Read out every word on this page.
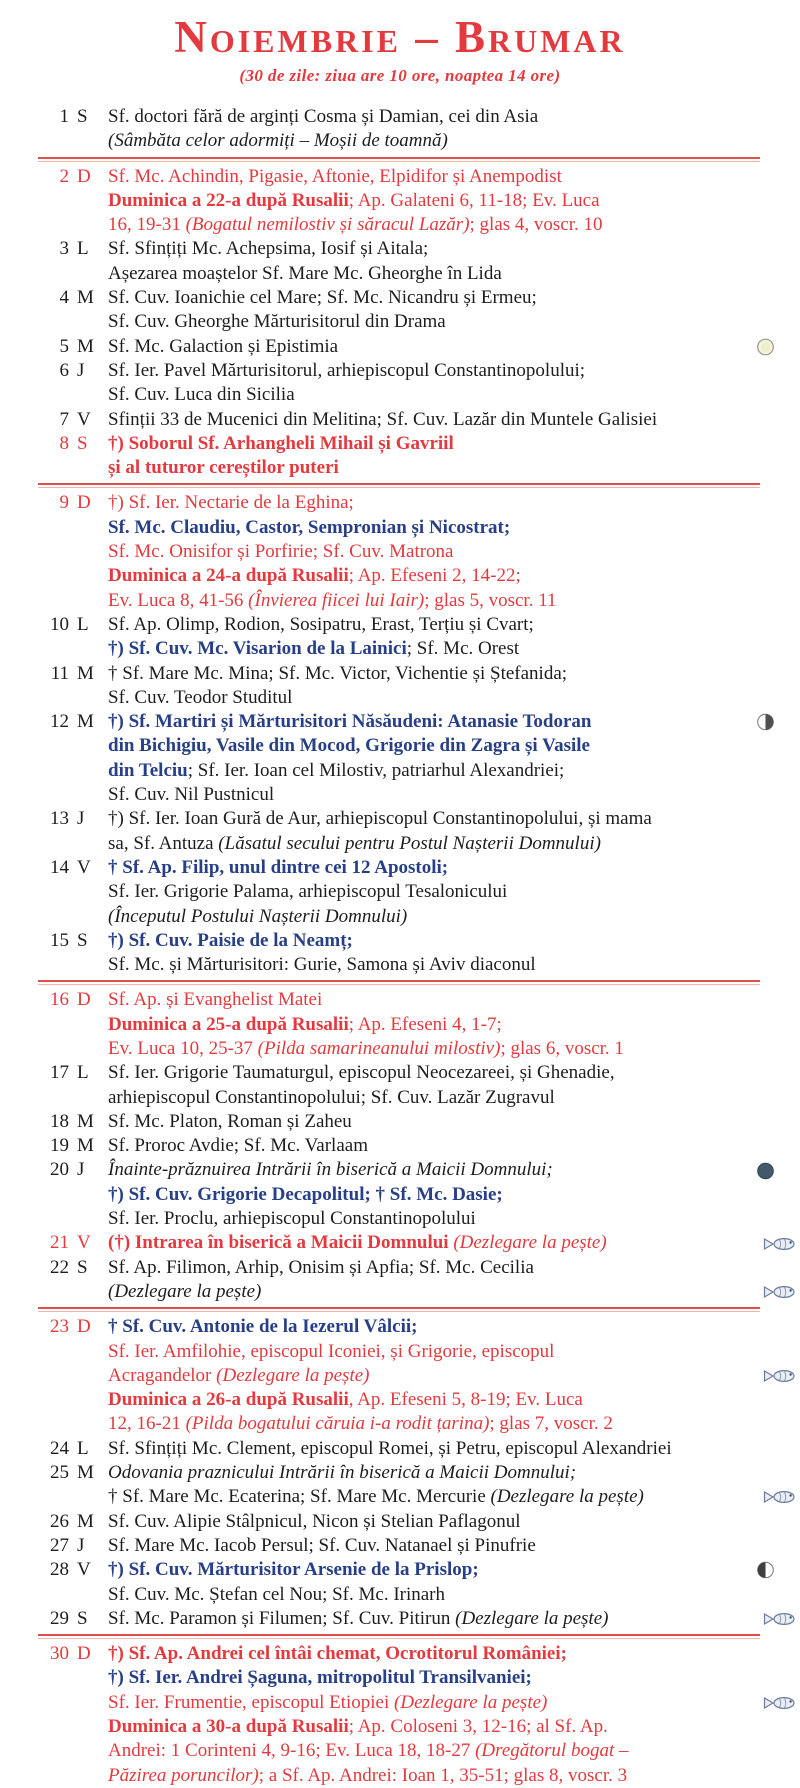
Noiembrie – Brumar
(30 de zile: ziua are 10 ore, noaptea 14 ore)
1 S	Sf. doctori fără de arginți Cosma și Damian, cei din Asia
(Sâmbăta celor adormiți – Moșii de toamnă)
2 D Sf. Mc. Achindin, Pigasie, Aftonie, Elpidifor și Anempodist
Duminica a 22-a după Rusalii; Ap. Galateni 6, 11-18; Ev. Luca
16, 19-31 (Bogatul nemilostiv și săracul Lazăr); glas 4, voscr. 10
3 L	Sf. Sfințiți Mc. Achepsima, Iosif și Aitala;
Așezarea moaștelor Sf. Mare Mc. Gheorghe în Lida
4 M Sf. Cuv. Ioanichie cel Mare; Sf. Mc. Nicandru și Ermeu;
Sf. Cuv. Gheorghe Mărturisitorul din Drama
5 M Sf. Mc. Galaction și Epistimia
6 J	Sf. Ier. Pavel Mărturisitorul, arhiepiscopul Constantinopolului;
Sf. Cuv. Luca din Sicilia
7 V Sfinții 33 de Mucenici din Melitina; Sf. Cuv. Lazăr din Muntele Galisiei
8 S	†) Soborul Sf. Arhangheli Mihail și Gavriil
și al tuturor cereștilor puteri
9 D †) Sf. Ier. Nectarie de la Eghina;
Sf. Mc. Claudiu, Castor, Sempronian și Nicostrat;
Sf. Mc. Onisifor și Porfirie; Sf. Cuv. Matrona
Duminica a 24-a după Rusalii; Ap. Efeseni 2, 14-22;
Ev. Luca 8, 41-56 (Învierea fiicei lui Iair); glas 5, voscr. 11
10 L	Sf. Ap. Olimp, Rodion, Sosipatru, Erast, Terțiu și Cvart;
†) Sf. Cuv. Mc. Visarion de la Lainici; Sf. Mc. Orest
11 M † Sf. Mare Mc. Mina; Sf. Mc. Victor, Vichentie și Ștefanida;
Sf. Cuv. Teodor Studitul
12 M †) Sf. Martiri și Mărturisitori Năsăudeni: Atanasie Todoran
din Bichigiu, Vasile din Mocod, Grigorie din Zagra și Vasile
din Telciu; Sf. Ier. Ioan cel Milostiv, patriarhul Alexandriei;
Sf. Cuv. Nil Pustnicul
13 J	†) Sf. Ier. Ioan Gură de Aur, arhiepiscopul Constantinopolului, și mama
sa, Sf. Antuza (Lăsatul secului pentru Postul Nașterii Domnului)
14 V † Sf. Ap. Filip, unul dintre cei 12 Apostoli;
Sf. Ier. Grigorie Palama, arhiepiscopul Tesalonicului
(Începutul Postului Nașterii Domnului)
15 S	†) Sf. Cuv. Paisie de la Neamț;
Sf. Mc. și Mărturisitori: Gurie, Samona și Aviv diaconul
16 D Sf. Ap. și Evanghelist Matei
Duminica a 25-a după Rusalii; Ap. Efeseni 4, 1-7;
Ev. Luca 10, 25-37 (Pilda samarineanului milostiv); glas 6, voscr. 1
17 L	Sf. Ier. Grigorie Taumaturgul, episcopul Neocezareei, și Ghenadie,
arhiepiscopul Constantinopolului; Sf. Cuv. Lazăr Zugravul
18 M Sf. Mc. Platon, Roman și Zaheu
19 M Sf. Proroc Avdie; Sf. Mc. Varlaam
20 J	Înainte-prăznuirea Intrării în biserică a Maicii Domnului;
†) Sf. Cuv. Grigorie Decapolitul; † Sf. Mc. Dasie;
Sf. Ier. Proclu, arhiepiscopul Constantinopolului
21 V (†) Intrarea în biserică a Maicii Domnului (Dezlegare la pește)
22 S	Sf. Ap. Filimon, Arhip, Onisim și Apfia; Sf. Mc. Cecilia
(Dezlegare la pește)
23 D † Sf. Cuv. Antonie de la Iezerul Vâlcii;
Sf. Ier. Amfilohie, episcopul Iconiei, și Grigorie, episcopul
Acragandelor (Dezlegare la pește)
Duminica a 26-a după Rusalii, Ap. Efeseni 5, 8-19; Ev. Luca
12, 16-21 (Pilda bogatului căruia i-a rodit țarina); glas 7, voscr. 2
24 L	Sf. Sfințiți Mc. Clement, episcopul Romei, și Petru, episcopul Alexandriei
25 M Odovania praznicului Intrării în biserică a Maicii Domnului;
† Sf. Mare Mc. Ecaterina; Sf. Mare Mc. Mercurie (Dezlegare la pește)
26 M Sf. Cuv. Alipie Stâlpnicul, Nicon și Stelian Paflagonul
27 J	Sf. Mare Mc. Iacob Persul; Sf. Cuv. Natanael și Pinufrie
28 V †) Sf. Cuv. Mărturisitor Arsenie de la Prislop;
Sf. Cuv. Mc. Ștefan cel Nou; Sf. Mc. Irinarh
29 S	Sf. Mc. Paramon și Filumen; Sf. Cuv. Pitirun (Dezlegare la pește)
30 D †) Sf. Ap. Andrei cel întâi chemat, Ocrotitorul României;
†) Sf. Ier. Andrei Șaguna, mitropolitul Transilvaniei;
Sf. Ier. Frumentie, episcopul Etiopiei (Dezlegare la pește)
Duminica a 30-a după Rusalii; Ap. Coloseni 3, 12-16; al Sf. Ap.
Andrei: 1 Corinteni 4, 9-16; Ev. Luca 18, 18-27 (Dregătorul bogat –
Păzirea poruncilor); a Sf. Ap. Andrei: Ioan 1, 35-51; glas 8, voscr. 3
